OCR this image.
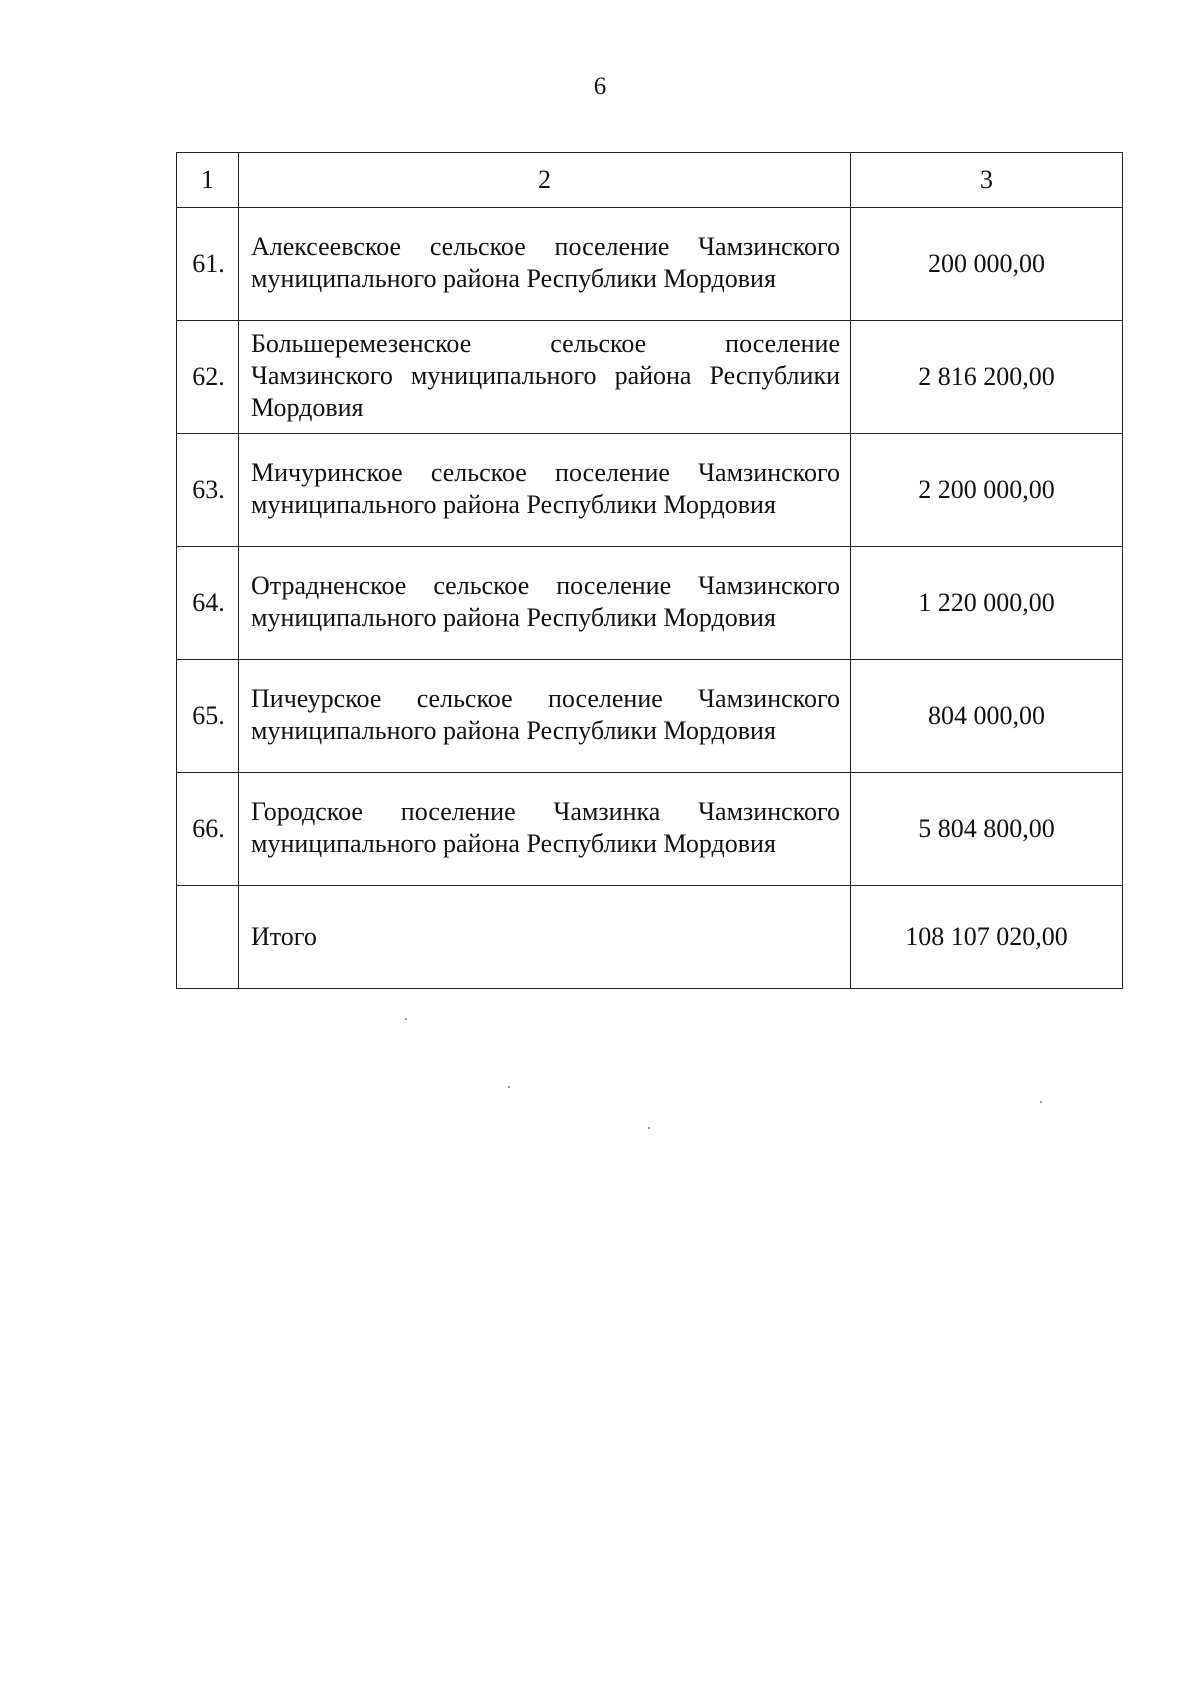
6
1	2	3
61.	Алексеевское сельское поселение Чамзинского муниципального района Республики Мордовия	200 000,00
62.	Большеремезенское сельское поселение Чамзинского муниципального района Республики Мордовия	2 816 200,00
63.	Мичуринское сельское поселение Чамзинского муниципального района Республики Мордовия	2 200 000,00
64.	Отрадненское сельское поселение Чамзинского муниципального района Республики Мордовия	1 220 000,00
65.	Пичеурское сельское поселение Чамзинского муниципального района Республики Мордовия	804 000,00
66.	Городское поселение Чамзинка Чамзинского муниципального района Республики Мордовия	5 804 800,00
	Итого	108 107 020,00
